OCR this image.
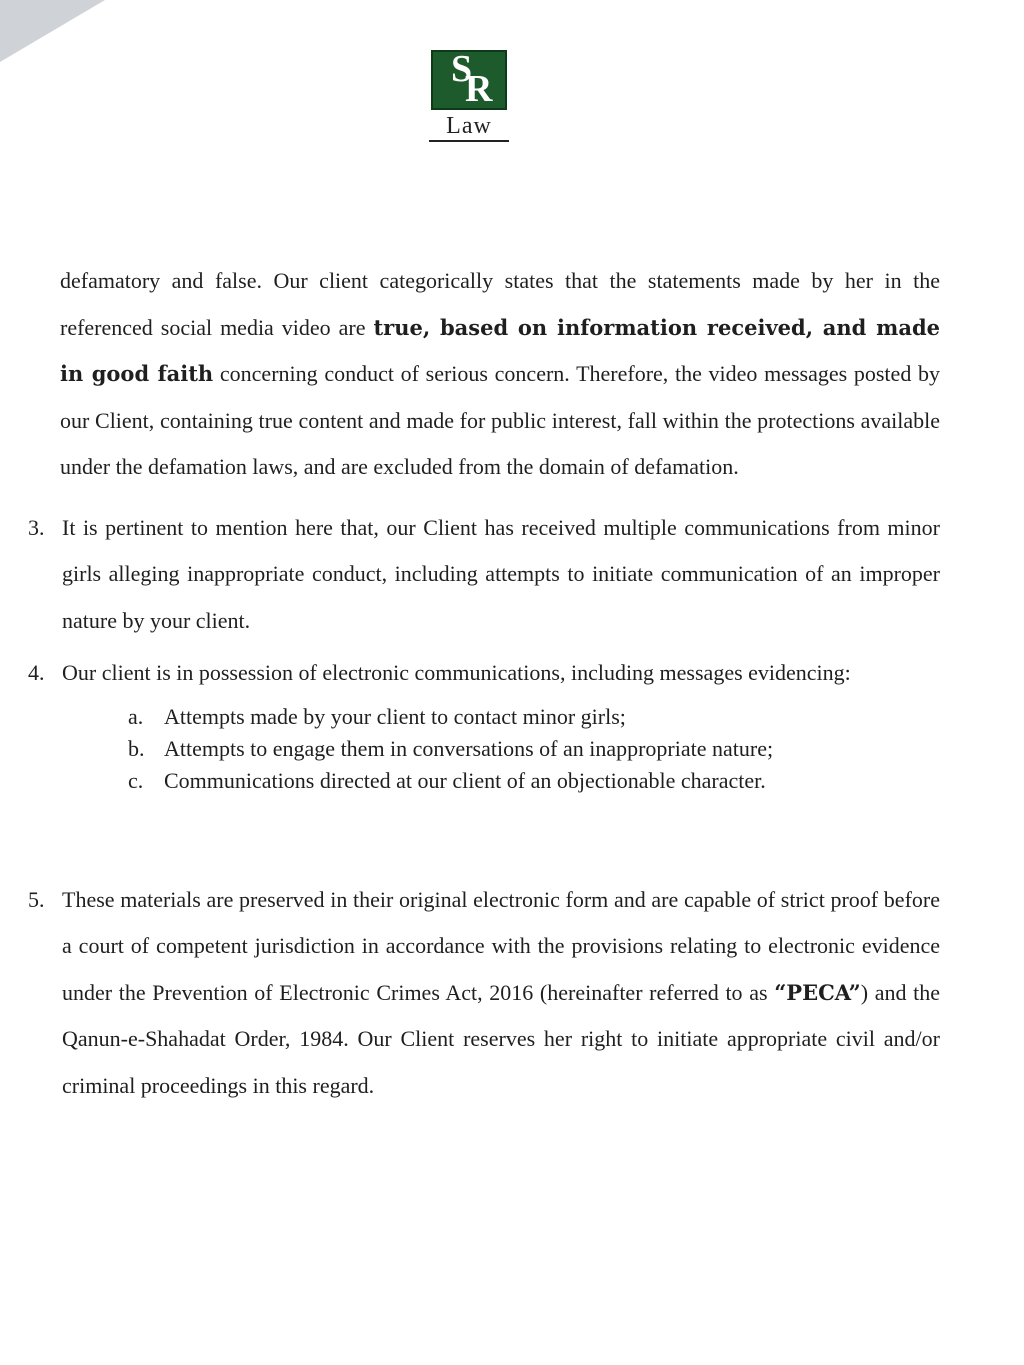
S
R
Law

defamatory and false. Our client categorically states that the statements made by her in the referenced social media video are true, based on information received, and made in good faith concerning conduct of serious concern. Therefore, the video messages posted by our Client, containing true content and made for public interest, fall within the protections available under the defamation laws, and are excluded from the domain of defamation.

3. It is pertinent to mention here that, our Client has received multiple communications from minor girls alleging inappropriate conduct, including attempts to initiate communication of an improper nature by your client.
4. Our client is in possession of electronic communications, including messages evidencing:
a. Attempts made by your client to contact minor girls;
b. Attempts to engage them in conversations of an inappropriate nature;
c. Communications directed at our client of an objectionable character.
5. These materials are preserved in their original electronic form and are capable of strict proof before a court of competent jurisdiction in accordance with the provisions relating to electronic evidence under the Prevention of Electronic Crimes Act, 2016 (hereinafter referred to as “PECA”) and the Qanun-e-Shahadat Order, 1984. Our Client reserves her right to initiate appropriate civil and/or criminal proceedings in this regard.
